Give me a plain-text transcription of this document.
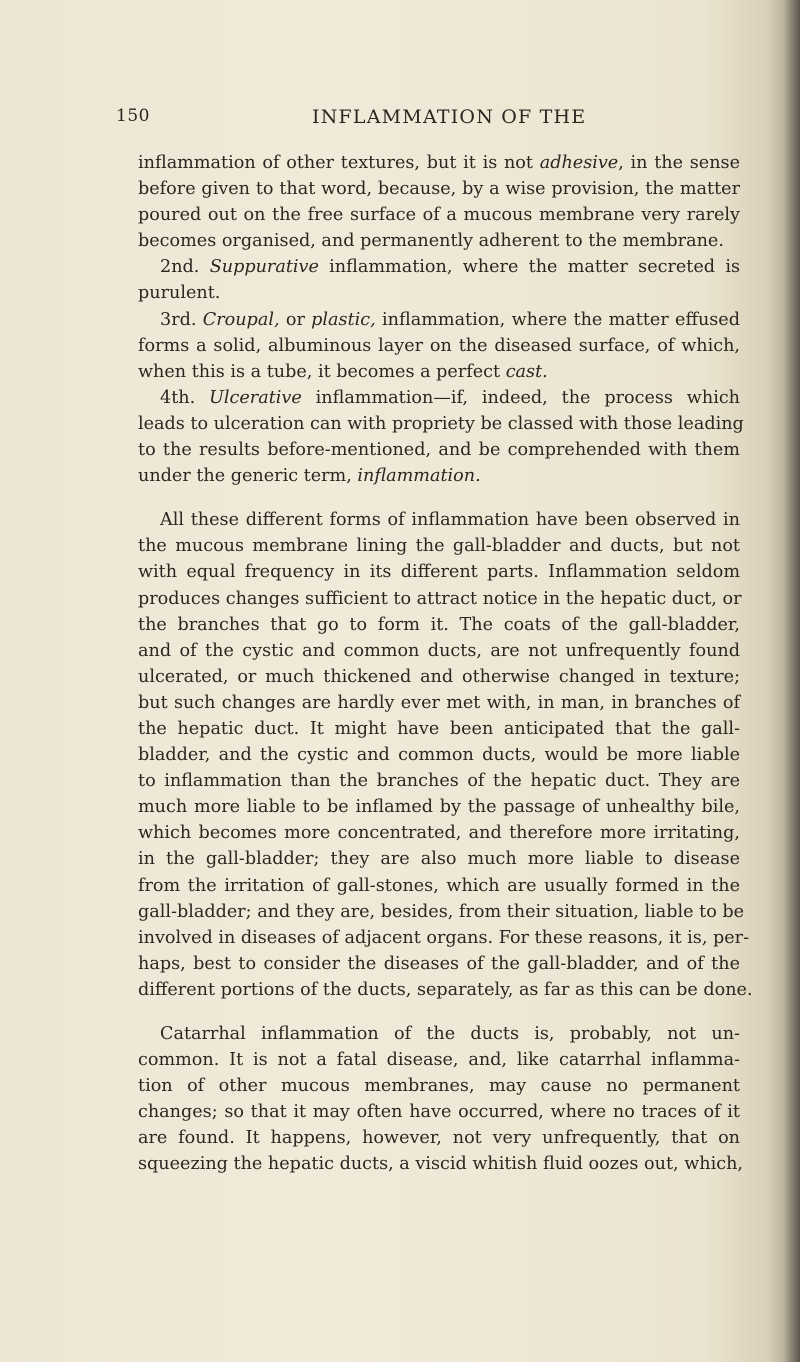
150	INFLAMMATION OF THE
inflammation of other textures, but it is not adhesive, in the sense
before given to that word, because, by a wise provision, the matter
poured out on the free surface of a mucous membrane very rarely
becomes organised, and permanently adherent to the membrane.
2nd. Suppurative inflammation, where the matter secreted is
purulent.
3rd. Croupal, or plastic, inflammation, where the matter effused
forms a solid, albuminous layer on the diseased surface, of which,
when this is a tube, it becomes a perfect cast.
4th. Ulcerative inflammation—if, indeed, the process which
leads to ulceration can with propriety be classed with those leading
to the results before-mentioned, and be comprehended with them
under the generic term, inflammation.
All these different forms of inflammation have been observed in
the mucous membrane lining the gall-bladder and ducts, but not
with equal frequency in its different parts. Inflammation seldom
produces changes sufficient to attract notice in the hepatic duct, or
the branches that go to form it. The coats of the gall-bladder,
and of the cystic and common ducts, are not unfrequently found
ulcerated, or much thickened and otherwise changed in texture;
but such changes are hardly ever met with, in man, in branches of
the hepatic duct. It might have been anticipated that the gall-
bladder, and the cystic and common ducts, would be more liable
to inflammation than the branches of the hepatic duct. They are
much more liable to be inflamed by the passage of unhealthy bile,
which becomes more concentrated, and therefore more irritating,
in the gall-bladder; they are also much more liable to disease
from the irritation of gall-stones, which are usually formed in the
gall-bladder; and they are, besides, from their situation, liable to be
involved in diseases of adjacent organs. For these reasons, it is, per-
haps, best to consider the diseases of the gall-bladder, and of the
different portions of the ducts, separately, as far as this can be done.
Catarrhal inflammation of the ducts is, probably, not un-
common. It is not a fatal disease, and, like catarrhal inflamma-
tion of other mucous membranes, may cause no permanent
changes; so that it may often have occurred, where no traces of it
are found. It happens, however, not very unfrequently, that on
squeezing the hepatic ducts, a viscid whitish fluid oozes out, which,
